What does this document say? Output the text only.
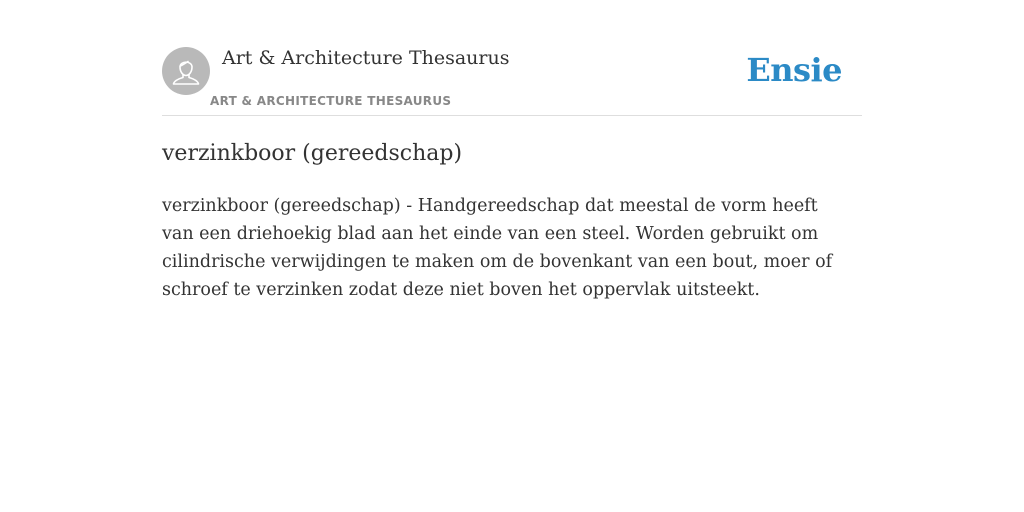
Art & Architecture Thesaurus
ART & ARCHITECTURE THESAURUS
Ensie
verzinkboor (gereedschap)

verzinkboor (gereedschap) - Handgereedschap dat meestal de vorm heeft van een driehoekig blad aan het einde van een steel. Worden gebruikt om cilindrische verwijdingen te maken om de bovenkant van een bout, moer of schroef te verzinken zodat deze niet boven het oppervlak uitsteekt.
